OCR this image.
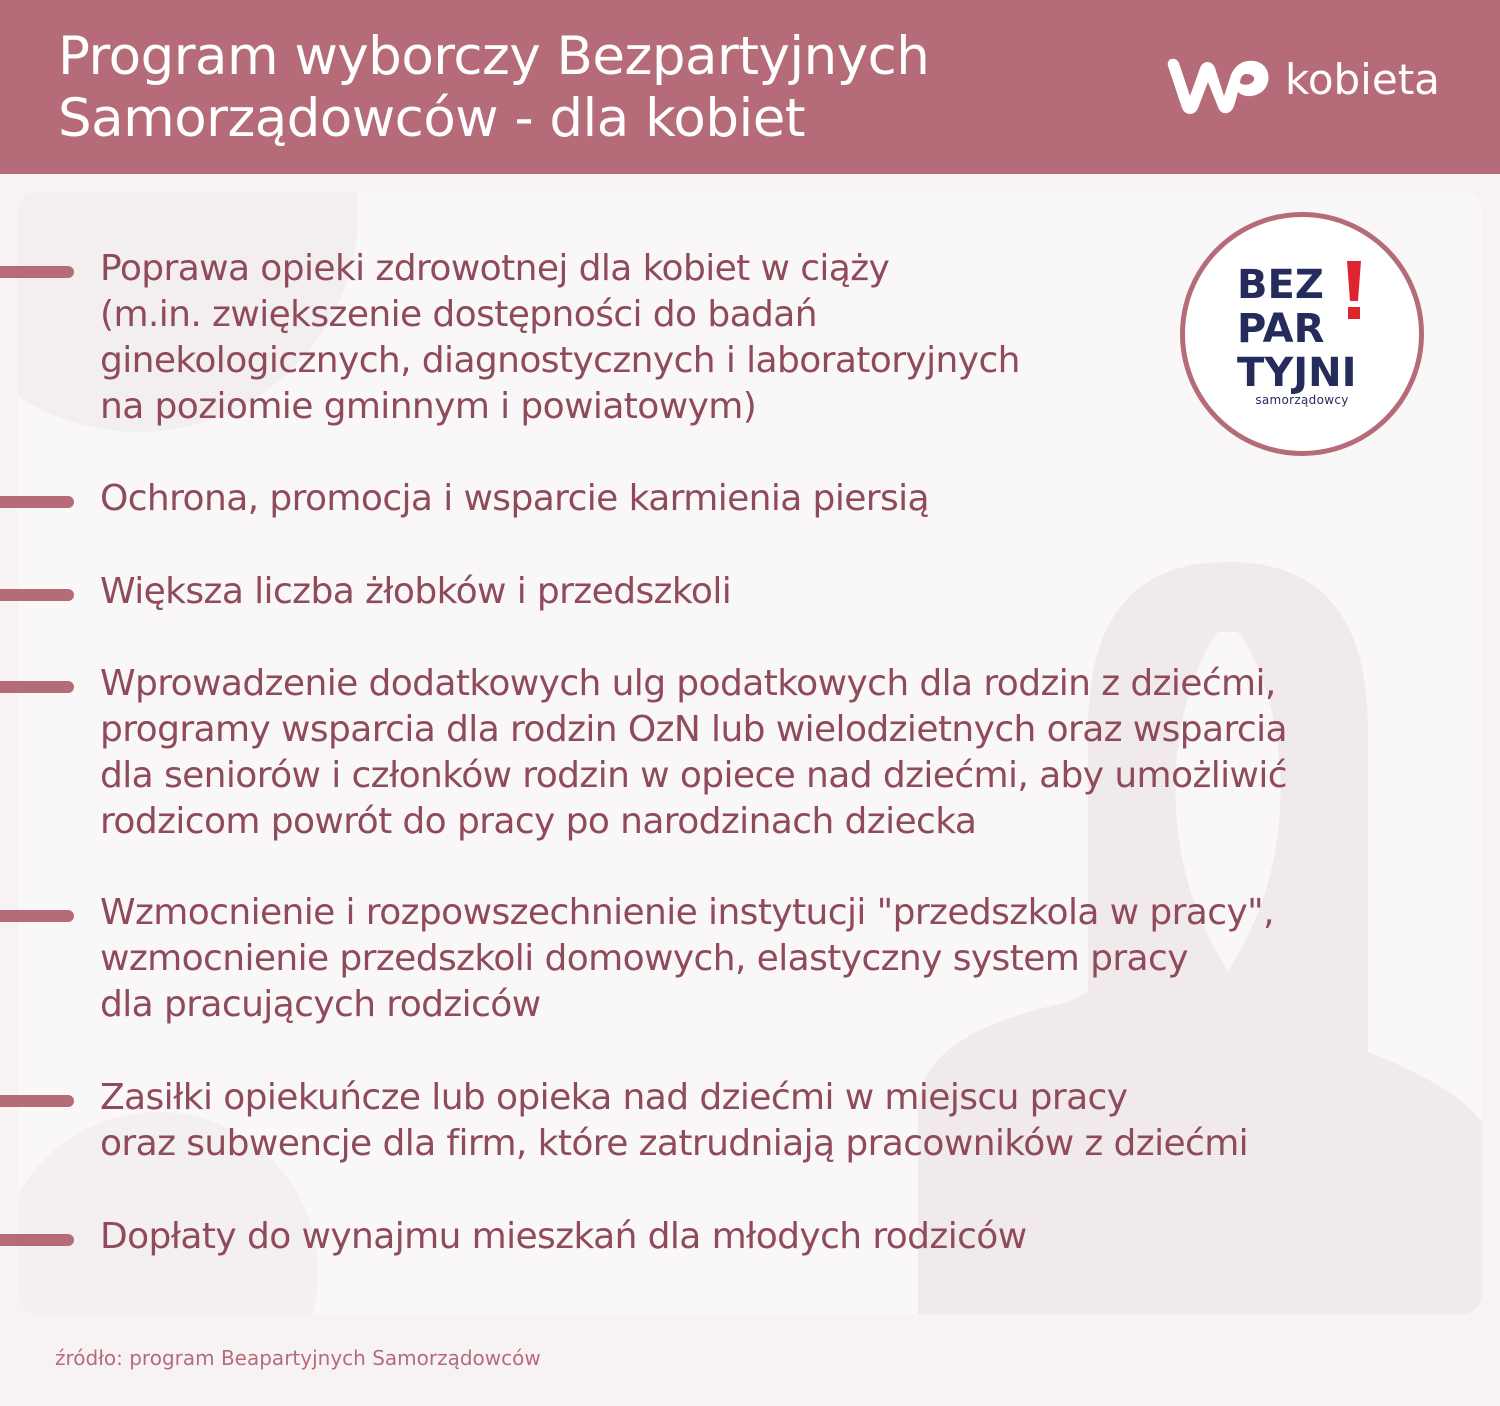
Program wyborczy Bezpartyjnych
Samorządowców - dla kobiet
kobieta
Poprawa opieki zdrowotnej dla kobiet w ciąży
(m.in. zwiększenie dostępności do badań
ginekologicznych, diagnostycznych i laboratoryjnych
na poziomie gminnym i powiatowym)
Ochrona, promocja i wsparcie karmienia piersią
Większa liczba żłobków i przedszkoli
Wprowadzenie dodatkowych ulg podatkowych dla rodzin z dziećmi,
programy wsparcia dla rodzin OzN lub wielodzietnych oraz wsparcia
dla seniorów i członków rodzin w opiece nad dziećmi, aby umożliwić
rodzicom powrót do pracy po narodzinach dziecka
Wzmocnienie i rozpowszechnienie instytucji "przedszkola w pracy",
wzmocnienie przedszkoli domowych, elastyczny system pracy
dla pracujących rodziców
Zasiłki opiekuńcze lub opieka nad dziećmi w miejscu pracy
oraz subwencje dla firm, które zatrudniają pracowników z dziećmi
Dopłaty do wynajmu mieszkań dla młodych rodziców
BEZ
PAR
TYJNI
samorządowcy
źródło: program Beapartyjnych Samorządowców
